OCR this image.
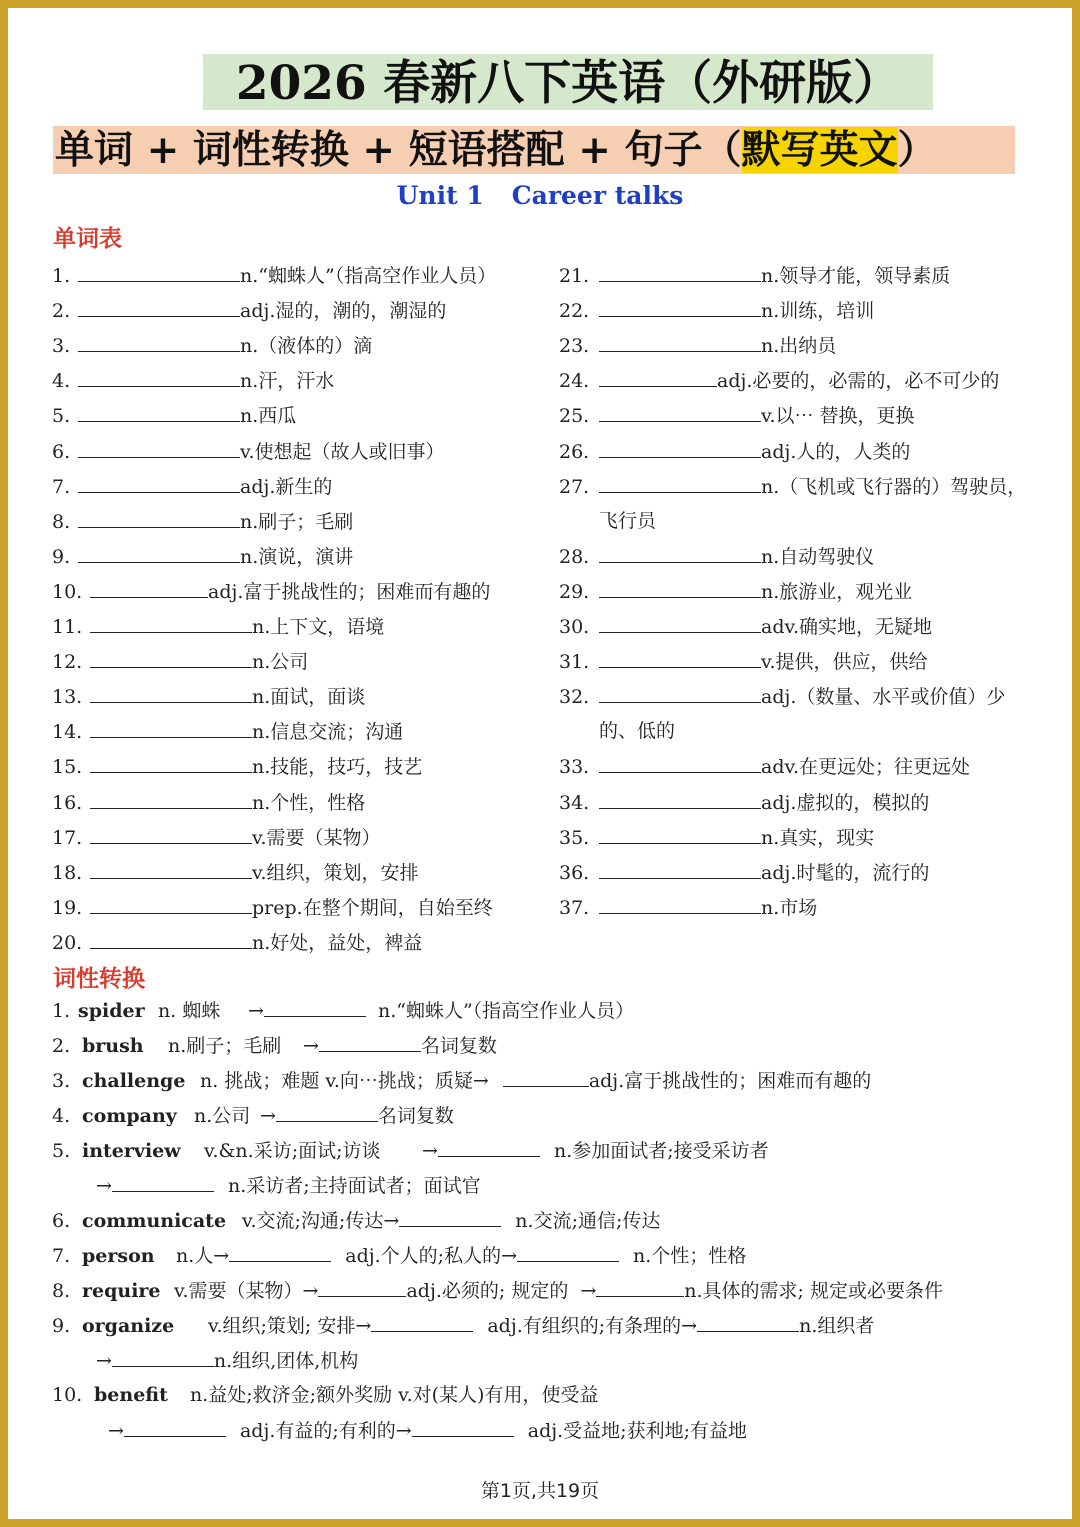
2026 春新八下英语（外研版）
单词 + 词性转换 + 短语搭配 + 句子（默写英文）
Unit 1 Career talks
单词表
1.	n.“蜘蛛人”（指高空作业人员）
2.	adj.湿的，潮的，潮湿的
3.	n.（液体的）滴
4.	n.汗，汗水
5.	n.西瓜
6.	v.使想起（故人或旧事）
7.	adj.新生的
8.	n.刷子；毛刷
9.	n.演说，演讲
10.	adj.富于挑战性的；困难而有趣的
11.	n.上下文，语境
12.	n.公司
13.	n.面试，面谈
14.	n.信息交流；沟通
15.	n.技能，技巧，技艺
16.	n.个性，性格
17.	v.需要（某物）
18.	v.组织，策划，安排
19.	prep.在整个期间，自始至终
20.	n.好处，益处，裨益
21.	n.领导才能，领导素质
22.	n.训练，培训
23.	n.出纳员
24.	adj.必要的，必需的，必不可少的
25.	v.以⋯ 替换，更换
26.	adj.人的，人类的
27.	n.（飞机或飞行器的）驾驶员，
飞行员
28.	n.自动驾驶仪
29.	n.旅游业，观光业
30.	adv.确实地，无疑地
31.	v.提供，供应，供给
32.	adj.（数量、水平或价值）少
的、低的
33.	adv.在更远处；往更远处
34.	adj.虚拟的，模拟的
35.	n.真实，现实
36.	adj.时髦的，流行的
37.	n.市场
词性转换
1. spider n. 蜘蛛 →	n.“蜘蛛人”（指高空作业人员）
2. brush n.刷子；毛刷 →	名词复数
3. challenge n. 挑战；难题 v.向⋯挑战；质疑→	adj.富于挑战性的；困难而有趣的
4. company n.公司 →	名词复数
5. interview v.&n.采访;面试;访谈 →	n.参加面试者;接受采访者
→	n.采访者;主持面试者；面试官
6. communicate v.交流;沟通;传达→	n.交流;通信;传达
7. person n.人→	adj.个人的;私人的→	n.个性；性格
8. require v.需要（某物）→	adj.必须的; 规定的 →	n.具体的需求; 规定或必要条件
9. organize v.组织;策划; 安排→	adj.有组织的;有条理的→	n.组织者
→	n.组织,团体,机构
10. benefit n.益处;救济金;额外奖励 v.对(某人)有用，使受益
→	adj.有益的;有利的→	adj.受益地;获利地;有益地
第1页,共19页
